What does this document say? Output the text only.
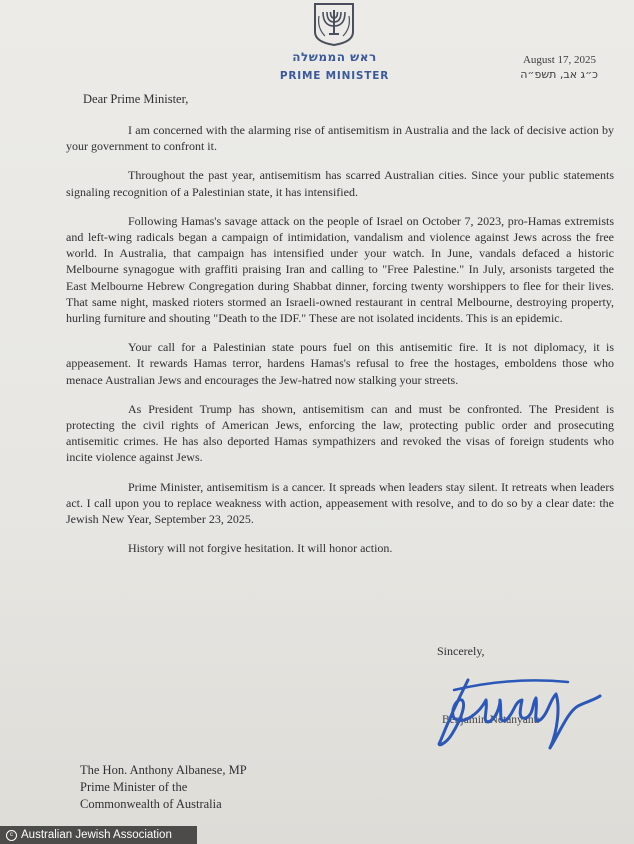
ראש הממשלה
PRIME MINISTER
August 17, 2025
כ״ג אב, תשפ״ה
Dear Prime Minister,

I am concerned with the alarming rise of antisemitism in Australia and the lack of decisive action by your government to confront it.

Throughout the past year, antisemitism has scarred Australian cities. Since your public statements signaling recognition of a Palestinian state, it has intensified.

Following Hamas's savage attack on the people of Israel on October 7, 2023, pro-Hamas extremists and left-wing radicals began a campaign of intimidation, vandalism and violence against Jews across the free world. In Australia, that campaign has intensified under your watch. In June, vandals defaced a historic Melbourne synagogue with graffiti praising Iran and calling to "Free Palestine." In July, arsonists targeted the East Melbourne Hebrew Congregation during Shabbat dinner, forcing twenty worshippers to flee for their lives. That same night, masked rioters stormed an Israeli-owned restaurant in central Melbourne, destroying property, hurling furniture and shouting "Death to the IDF." These are not isolated incidents. This is an epidemic.

Your call for a Palestinian state pours fuel on this antisemitic fire. It is not diplomacy, it is appeasement. It rewards Hamas terror, hardens Hamas's refusal to free the hostages, emboldens those who menace Australian Jews and encourages the Jew-hatred now stalking your streets.

As President Trump has shown, antisemitism can and must be confronted. The President is protecting the civil rights of American Jews, enforcing the law, protecting public order and prosecuting antisemitic crimes. He has also deported Hamas sympathizers and revoked the visas of foreign students who incite violence against Jews.

Prime Minister, antisemitism is a cancer. It spreads when leaders stay silent. It retreats when leaders act. I call upon you to replace weakness with action, appeasement with resolve, and to do so by a clear date: the Jewish New Year, September 23, 2025.

History will not forgive hesitation. It will honor action.

Sincerely,
Benjamin Netanyahu
The Hon. Anthony Albanese, MP
Prime Minister of the
Commonwealth of Australia
c Australian Jewish Association
